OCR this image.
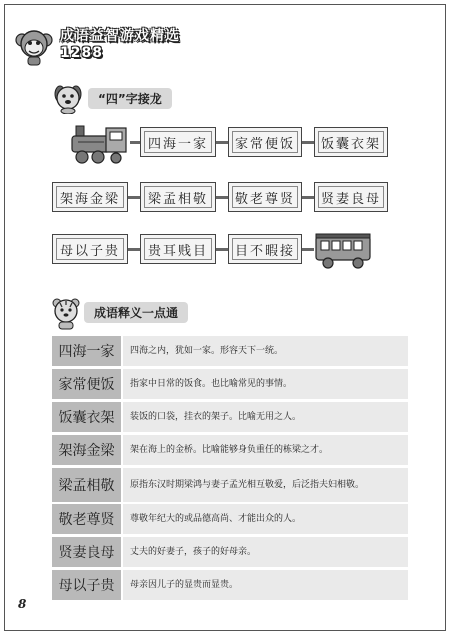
成语益智游戏精选1288
“四”字接龙
四海一家	家常便饭	饭囊衣架
架海金梁	梁孟相敬	敬老尊贤	贤妻良母
母以子贵	贵耳贱目	目不暇接
成语释义一点通
四海一家	四海之内，犹如一家。形容天下一统。
家常便饭	指家中日常的饭食。也比喻常见的事情。
饭囊衣架	装饭的口袋，挂衣的架子。比喻无用之人。
架海金梁	架在海上的金桥。比喻能够身负重任的栋梁之才。
梁孟相敬	原指东汉时期梁鸿与妻子孟光相互敬爱，后泛指夫妇相敬。
敬老尊贤	尊敬年纪大的或品德高尚、才能出众的人。
贤妻良母	丈夫的好妻子，孩子的好母亲。
母以子贵	母亲因儿子的显贵而显贵。
8
